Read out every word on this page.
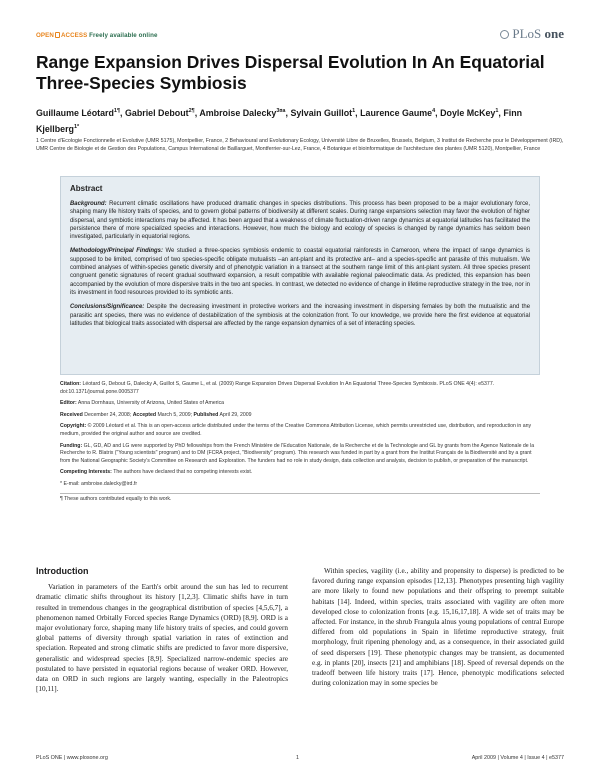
OPEN ACCESS Freely available online	PLoS one
Range Expansion Drives Dispersal Evolution In An Equatorial Three-Species Symbiosis
Guillaume Léotard$^{1\P}$, Gabriel Debout$^{2\P}$, Ambroise Dalecky$^{3¤a}$, Sylvain Guillot$^1$, Laurence Gaume$^4$, Doyle McKey$^1$, Finn Kjellberg$^{1*}$
1 Centre d'Ecologie Fonctionnelle et Evolutive (UMR 5175), Montpellier, France, 2 Behavioural and Evolutionary Ecology, Université Libre de Bruxelles, Brussels, Belgium, 3 Institut de Recherche pour le Développement (IRD), UMR Centre de Biologie et de Gestion des Populations, Campus International de Baillarguet, Montferrier-sur-Lez, France, 4 Botanique et bioinformatique de l'architecture des plantes (UMR 5120), Montpellier, France
Abstract

Background: Recurrent climatic oscillations have produced dramatic changes in species distributions. This process has been proposed to be a major evolutionary force, shaping many life history traits of species, and to govern global patterns of biodiversity at different scales. During range expansions selection may favor the evolution of higher dispersal, and symbiotic interactions may be affected. It has been argued that a weakness of climate fluctuation-driven range dynamics at equatorial latitudes has facilitated the persistence there of more specialized species and interactions. However, how much the biology and ecology of species is changed by range dynamics has seldom been investigated, particularly in equatorial regions.

Methodology/Principal Findings: We studied a three-species symbiosis endemic to coastal equatorial rainforests in Cameroon, where the impact of range dynamics is supposed to be limited, comprised of two species-specific obligate mutualists –an ant-plant and its protective ant– and a species-specific ant parasite of this mutualism. We combined analyses of within-species genetic diversity and of phenotypic variation in a transect at the southern range limit of this ant-plant system. All three species present congruent genetic signatures of recent gradual southward expansion, a result compatible with available regional paleoclimatic data. As predicted, this expansion has been accompanied by the evolution of more dispersive traits in the two ant species. In contrast, we detected no evidence of change in lifetime reproductive strategy in the tree, nor in its investment in food resources provided to its symbiotic ants.

Conclusions/Significance: Despite the decreasing investment in protective workers and the increasing investment in dispersing females by both the mutualistic and the parasitic ant species, there was no evidence of destabilization of the symbiosis at the colonization front. To our knowledge, we provide here the first evidence at equatorial latitudes that biological traits associated with dispersal are affected by the range expansion dynamics of a set of interacting species.

Citation: Léotard G, Debout G, Dalecky A, Guillot S, Gaume L, et al. (2009) Range Expansion Drives Dispersal Evolution In An Equatorial Three-Species Symbiosis. PLoS ONE 4(4): e5377. doi:10.1371/journal.pone.0005377
Editor: Anna Dornhaus, University of Arizona, United States of America
Received December 24, 2008; Accepted March 5, 2009; Published April 29, 2009
Copyright: © 2009 Léotard et al. This is an open-access article distributed under the terms of the Creative Commons Attribution License, which permits unrestricted use, distribution, and reproduction in any medium, provided the original author and source are credited.
Funding: GL, GD, AD and LG were supported by PhD fellowships from the French Ministère de l'Education Nationale, de la Recherche et de la Technologie and GL by grants from the Agence Nationale de la Recherche to R. Blatrix ("Young scientists" program) and to DM (FCRA project, "Biodiversity" program). This research was funded in part by a grant from the Institut Français de la Biodiversité and by a grant from the National Geographic Society's Committee on Research and Exploration. The funders had no role in study design, data collection and analysis, decision to publish, or preparation of the manuscript.
Competing Interests: The authors have declared that no competing interests exist.
* E-mail: ambroise.dalecky@ird.fr
¶ These authors contributed equally to this work.
Introduction

Variation in parameters of the Earth's orbit around the sun has led to recurrent dramatic climatic shifts throughout its history [1,2,3]. Climatic shifts have in turn resulted in tremendous changes in the geographical distribution of species [4,5,6,7], a phenomenon named Orbitally Forced species Range Dynamics (ORD) [8,9]. ORD is a major evolutionary force, shaping many life history traits of species, and could govern global patterns of diversity through spatial variation in rates of extinction and speciation. Repeated and strong climatic shifts are predicted to favor more dispersive, generalistic and widespread species [8,9]. Specialized narrow-endemic species are postulated to have persisted in equatorial regions because of weaker ORD. However, data on ORD in such regions are largely wanting, especially in the Paleotropics [10,11].

Within species, vagility (i.e., ability and propensity to disperse) is predicted to be favored during range expansion episodes [12,13]. Phenotypes presenting high vagility are more likely to found new populations and their offspring to preempt suitable habitats [14]. Indeed, within species, traits associated with vagility are often more developed close to colonization fronts [e.g. 15,16,17,18]. A wide set of traits may be affected. For instance, in the shrub Frangula alnus young populations of central Europe differed from old populations in Spain in lifetime reproductive strategy, fruit morphology, fruit ripening phenology and, as a consequence, in their associated guild of seed dispersers [19]. These phenotypic changes may be transient, as documented e.g. in plants [20], insects [21] and amphibians [18]. Speed of reversal depends on the tradeoff between life history traits [17]. Hence, phenotypic modifications selected during colonization may in some species be

PLoS ONE | www.plosone.org	1	April 2009 | Volume 4 | Issue 4 | e5377
